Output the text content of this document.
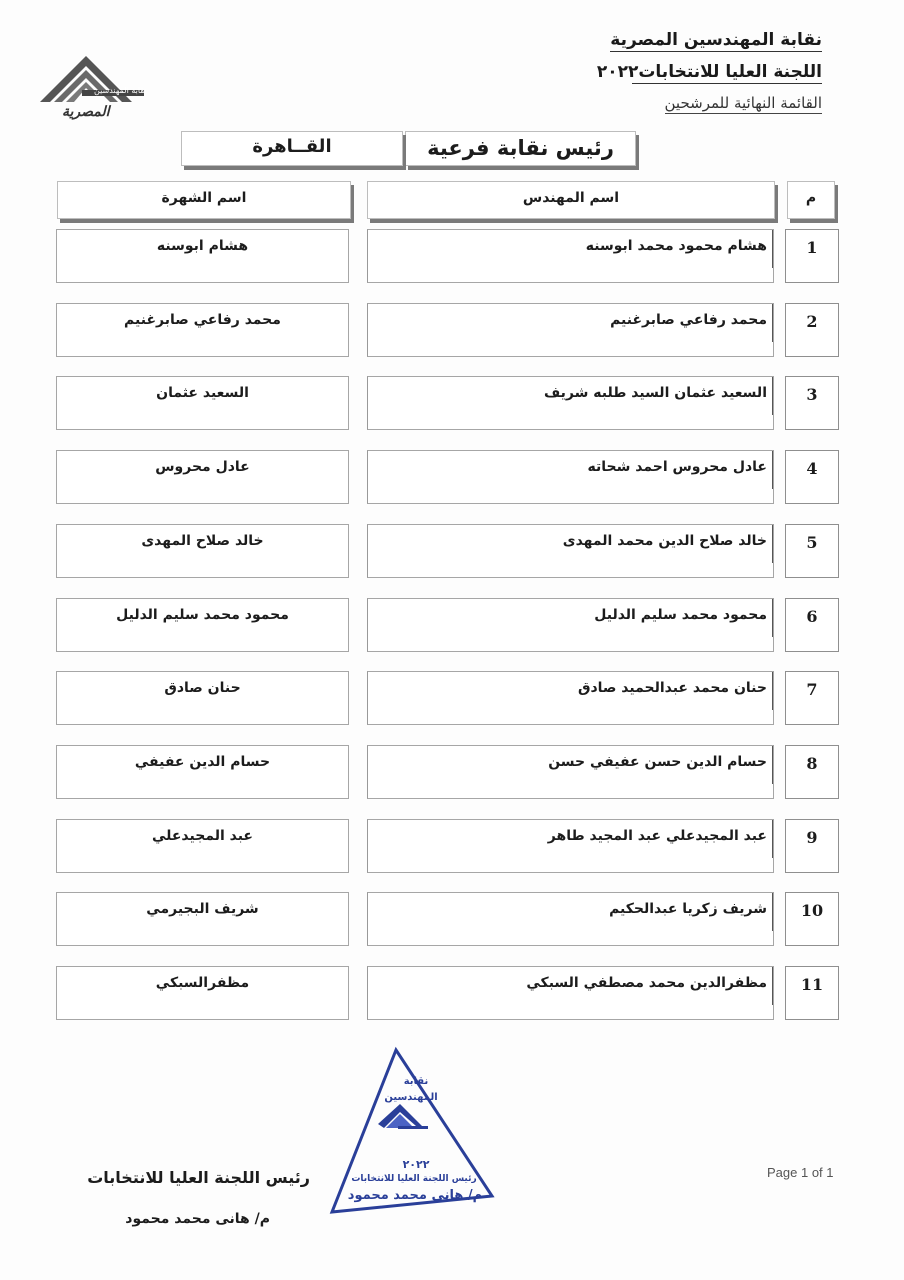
نقابة المهندسين
المصرية
نقابة المهندسين المصرية
اللجنة العليا للانتخابات٢٠٢٢
القائمة النهائية للمرشحين
رئيس نقابة فرعية
القــاهرة
م
اسم المهندس
اسم الشهرة
1
هشام محمود محمد ابوسنه
هشام ابوسنه
2
محمد رفاعي صابرغنيم
محمد رفاعي صابرغنيم
3
السعيد عثمان السيد طلبه شريف
السعيد عثمان
4
عادل محروس احمد شحاته
عادل محروس
5
خالد صلاح الدين محمد المهدى
خالد صلاح المهدى
6
محمود محمد سليم الدليل
محمود محمد سليم الدليل
7
حنان محمد عبدالحميد صادق
حنان صادق
8
حسام الدين حسن عفيفي حسن
حسام الدين عفيفي
9
عبد المجيدعلي عبد المجيد طاهر
عبد المجيدعلي
10
شريف زكريا عبدالحكيم
شريف البجيرمي
11
مظفرالدين محمد مصطفي السبكي
مظفرالسبكي
نقابة
المهندسين
٢٠٢٢
رئيس اللجنة العليا للانتخابات
م/ هاني محمد محمود
رئيس اللجنة العليا للانتخابات
م/ هانى محمد محمود
Page 1 of 1
